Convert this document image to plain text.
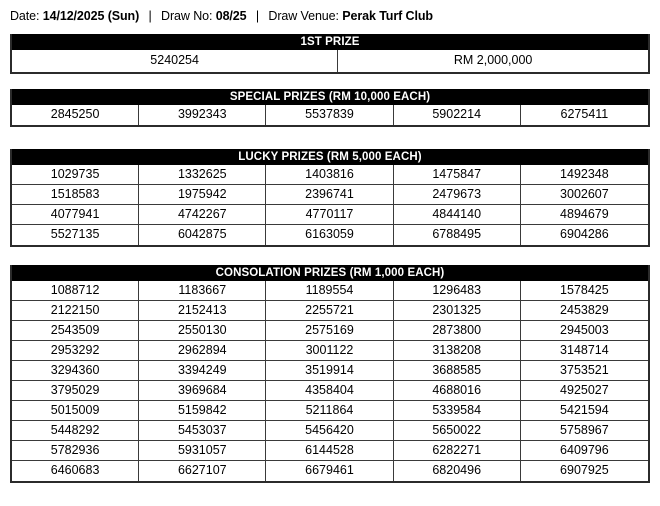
Date: 14/12/2025 (Sun) | Draw No: 08/25 | Draw Venue: Perak Turf Club
1ST PRIZE
5240254	RM 2,000,000
SPECIAL PRIZES (RM 10,000 EACH)
2845250	3992343	5537839	5902214	6275411
LUCKY PRIZES (RM 5,000 EACH)
1029735	1332625	1403816	1475847	1492348
1518583	1975942	2396741	2479673	3002607
4077941	4742267	4770117	4844140	4894679
5527135	6042875	6163059	6788495	6904286
CONSOLATION PRIZES (RM 1,000 EACH)
1088712	1183667	1189554	1296483	1578425
2122150	2152413	2255721	2301325	2453829
2543509	2550130	2575169	2873800	2945003
2953292	2962894	3001122	3138208	3148714
3294360	3394249	3519914	3688585	3753521
3795029	3969684	4358404	4688016	4925027
5015009	5159842	5211864	5339584	5421594
5448292	5453037	5456420	5650022	5758967
5782936	5931057	6144528	6282271	6409796
6460683	6627107	6679461	6820496	6907925
